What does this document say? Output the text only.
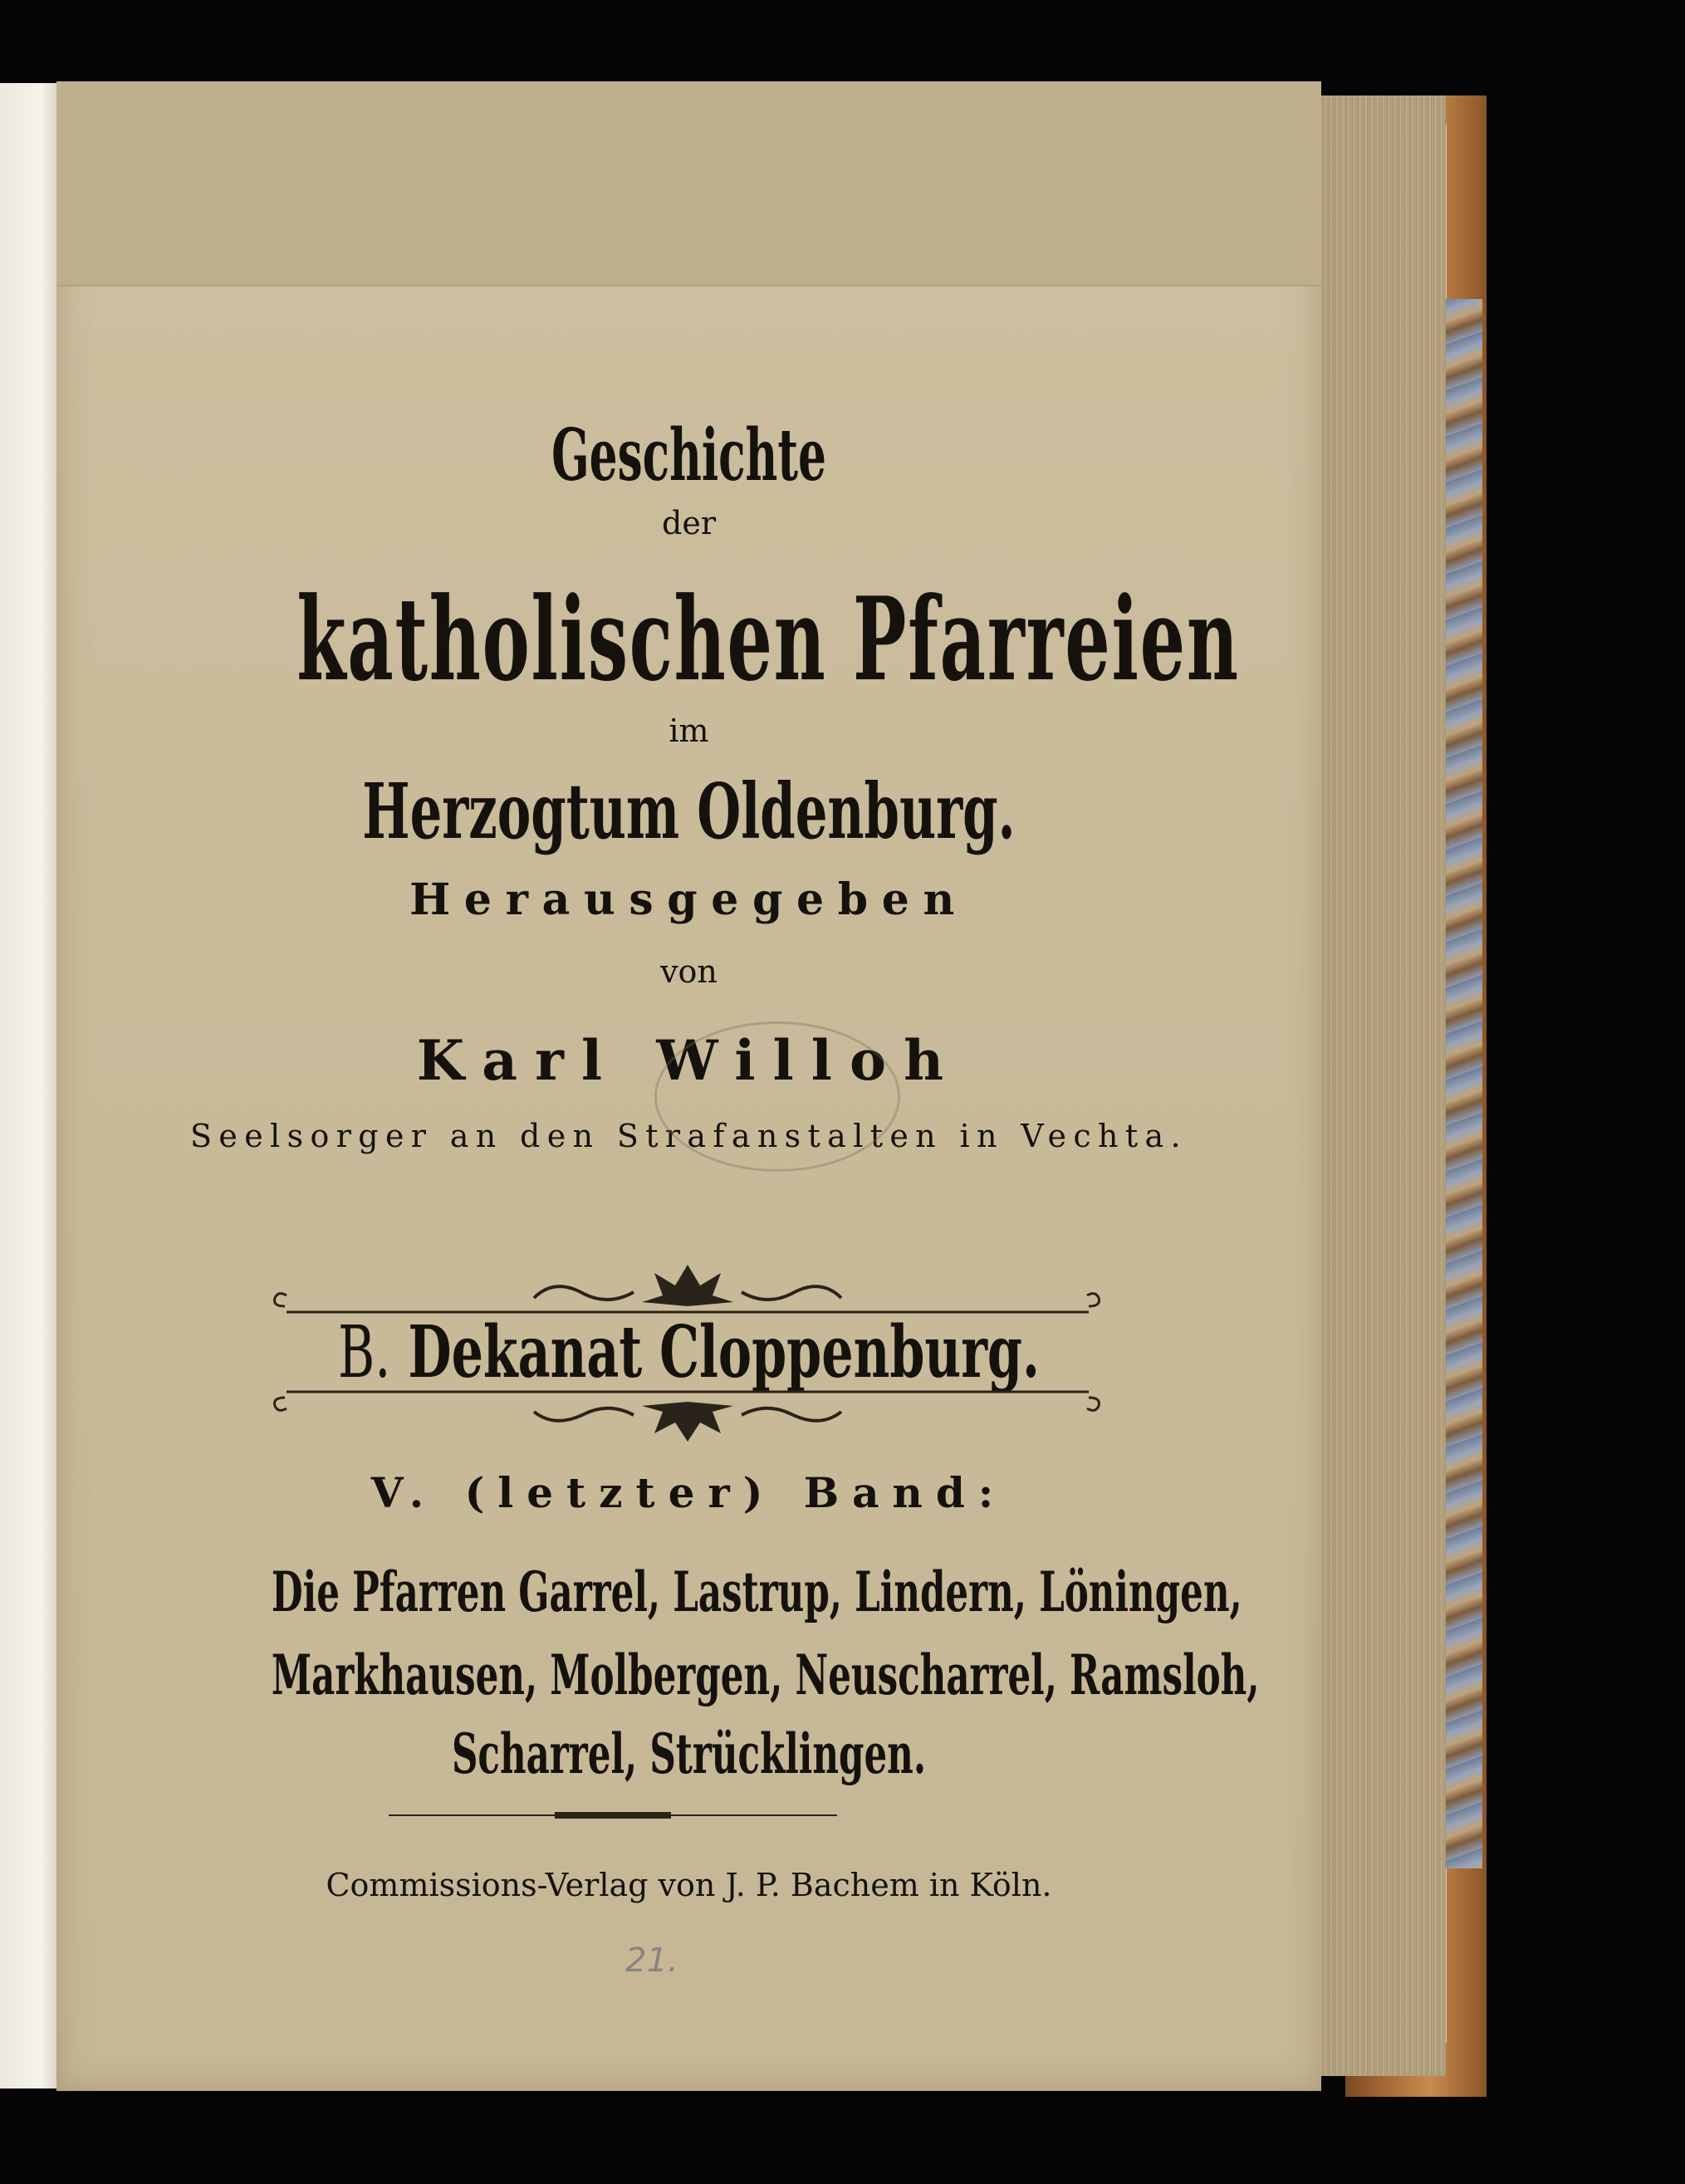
Geschichte
der
katholischen Pfarreien
im
Herzogtum Oldenburg.
Herausgegeben
von
Karl Willoh
Seelsorger an den Strafanstalten in Vechta.
B. Dekanat Cloppenburg.
V. (letzter) Band:
Die Pfarren Garrel, Lastrup, Lindern, Löningen,
Markhausen, Molbergen, Neuscharrel, Ramsloh,
Scharrel, Strücklingen.
Commissions-Verlag von J. P. Bachem in Köln.
21.
